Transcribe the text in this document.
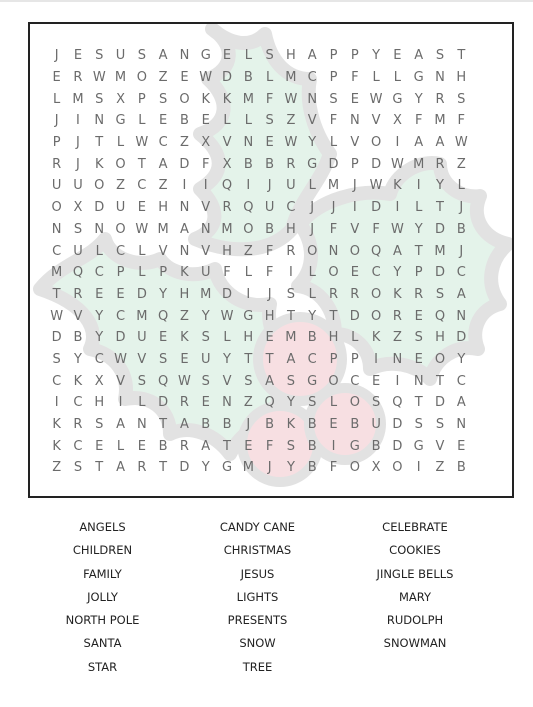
J	E	S U S A N G E	L	S H A P	P	Y	E A S	T
E R W M O Z E W D B	L M C P	F	L	L G N H
L M S X P	S O K K M F W N S	E W G Y R S
J	I	N G L	E B E	L	L	S Z V	F N V X	F M F
P	J	T	L W C Z X V N E W Y	L	V O	I	A A W
R	J	K O T A D F	X B B R G D P D W M R Z
U U O Z C Z	I	I	Q	I	J	U L M	J W K	I	Y	L
O X D U E H N V R Q U C	J	J	I	D	I	L	T	J
N S N O W M A N M O B H	J	F	V	F W Y D B
C U L	C	L	V N V H Z	F	R O N O Q A T M	J
M Q C P	L	P	K U F	L	F	I	L O E C Y	P D C
T R E	E D Y H M D	I	J	S	L	R R O K R S A
W V Y C M Q Z Y W G H T	Y	T D O R E Q N
D B Y D U E K S	L H E M B H L	K Z S H D
S	Y C W V S	E U Y	T	T A C P	P	I	N E O Y
C K X V S Q W S V S A S G O C E	I	N T C
I	C H	I	L D R E N Z Q Y	S	L O S Q T D A
K R S A N T A B B	J	B K B E B U D S	S N
K C E	L	E B R A T	E	F	S B	I	G B D G V E
Z S	T A R T D Y G M	J	Y B	F O X O	I	Z B
ANGELS	CANDY CANE	CELEBRATE
CHILDREN	CHRISTMAS	COOKIES
FAMILY	JESUS	JINGLE BELLS
JOLLY	LIGHTS	MARY
NORTH POLE	PRESENTS	RUDOLPH
SANTA	SNOW	SNOWMAN
STAR	TREE
